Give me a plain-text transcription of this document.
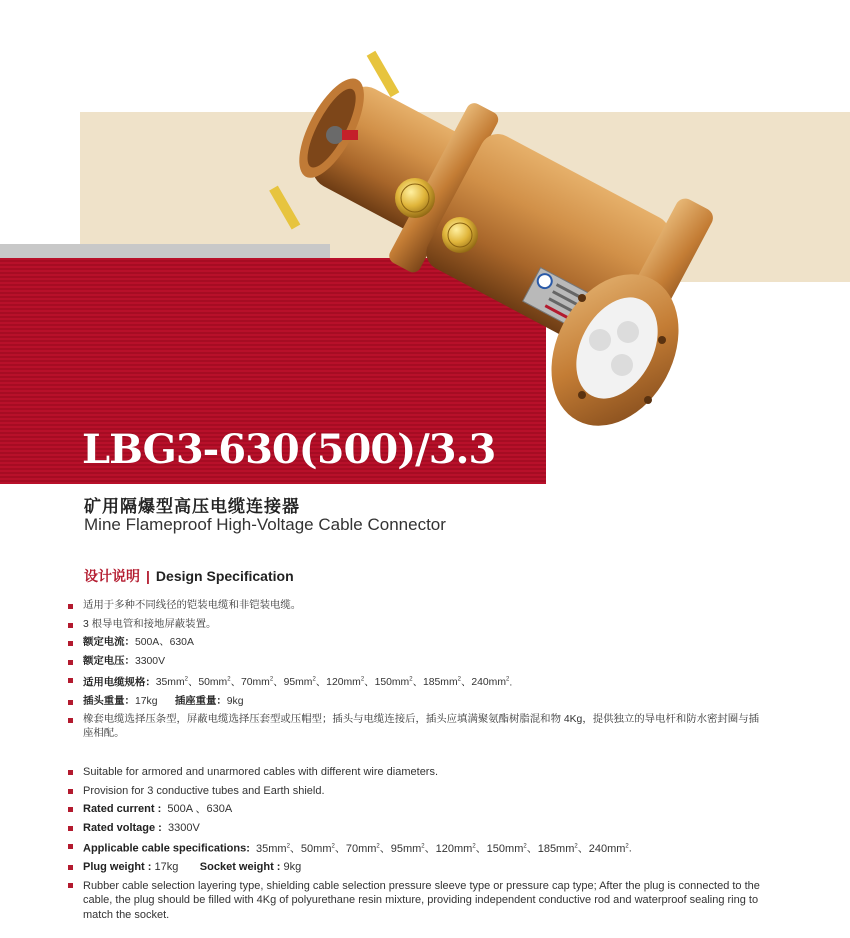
LBG3-630(500)/3.3
矿用隔爆型高压电缆连接器
Mine Flameproof High-Voltage Cable Connector
设计说明 | Design Specification
适用于多种不同线径的铠装电缆和非铠装电缆。
3 根导电管和接地屏蔽装置。
额定电流：500A、630A
额定电压：3300V
适用电缆规格：$35mm^2$、$50mm^2$、$70mm^2$、$95mm^2$、$120mm^2$、$150mm^2$、$185mm^2$、$240mm^2$.
插头重量：17kg 插座重量：9kg
橡套电缆选择压条型，屏蔽电缆选择压套型或压帽型；插头与电缆连接后，插头应填满聚氨酯树脂混和物 4Kg，提供独立的导电杆和防水密封圈与插座相配。
Suitable for armored and unarmored cables with different wire diameters.
Provision for 3 conductive tubes and Earth shield.
Rated current : 500A 、630A
Rated voltage : 3300V
Applicable cable specifications: $35mm^2$、$50mm^2$、$70mm^2$、$95mm^2$、$120mm^2$、$150mm^2$、$185mm^2$、$240mm^2$.
Plug weight : 17kg Socket weight : 9kg
Rubber cable selection layering type, shielding cable selection pressure sleeve type or pressure cap type; After the plug is connected to the cable, the plug should be filled with 4Kg of polyurethane resin mixture, providing independent conductive rod and waterproof sealing ring to match the socket.
